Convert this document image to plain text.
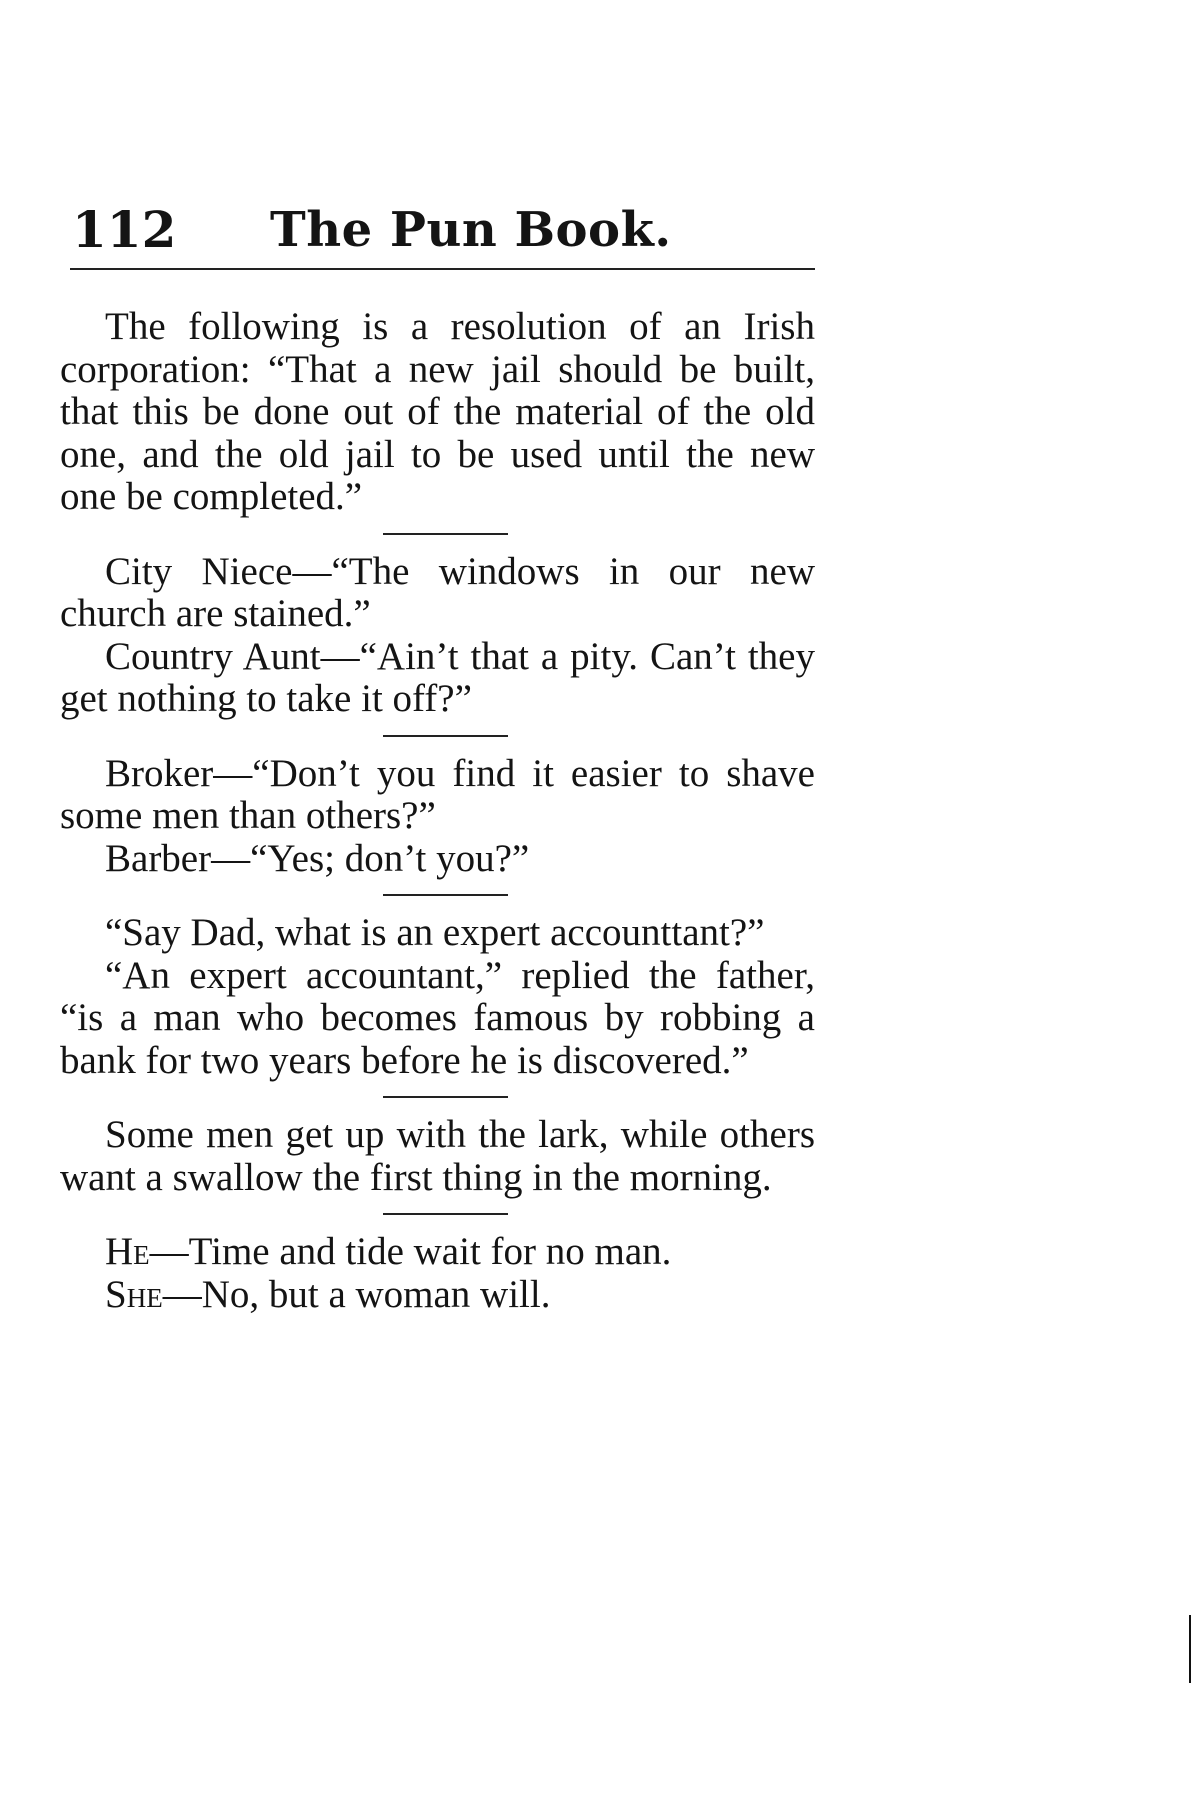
112 The Pun Book.

The following is a resolution of an Irish corporation: “That a new jail should be built, that this be done out of the material of the old one, and the old jail to be used until the new one be completed.”

City Niece—“The windows in our new church are stained.”

Country Aunt—“Ain’t that a pity. Can’t they get nothing to take it off?”

Broker—“Don’t you find it easier to shave some men than others?”

Barber—“Yes; don’t you?”

“Say Dad, what is an expert accounttant?”

“An expert accountant,” replied the father, “is a man who becomes famous by robbing a bank for two years before he is discovered.”

Some men get up with the lark, while others want a swallow the first thing in the morning.

He—Time and tide wait for no man.

She—No, but a woman will.
